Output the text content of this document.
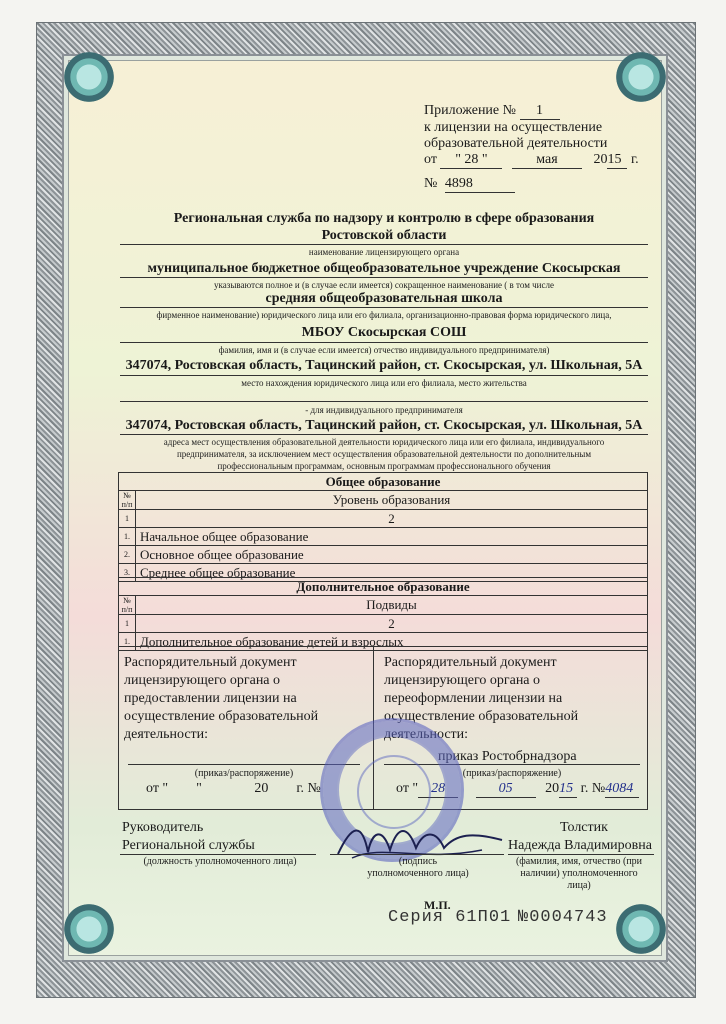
Приложение № 1
к лицензии на осуществление
образовательной деятельности
от " 28 "	мая	2015 г.
№ 4898
Региональная служба по надзору и контролю в сфере образования
Ростовской области
наименование лицензирующего органа
муниципальное бюджетное общеобразовательное учреждение Скосырская
указываются полное и (в случае если имеется) сокращенное наименование ( в том числе
средняя общеобразовательная школа
фирменное наименование) юридического лица или его филиала, организационно-правовая форма юридического лица,
МБОУ Скосырская СОШ
фамилия, имя и (в случае если имеется) отчество индивидуального предпринимателя)
347074, Ростовская область, Тацинский район, ст. Скосырская, ул. Школьная, 5А
место нахождения юридического лица или его филиала, место жительства
- для индивидуального предпринимателя
347074, Ростовская область, Тацинский район, ст. Скосырская, ул. Школьная, 5А
адреса мест осуществления образовательной деятельности юридического лица или его филиала, индивидуального
предпринимателя, за исключением мест осуществления образовательной деятельности по дополнительным
профессиональным программам, основным программам профессионального обучения
Общее образование	
№ п/п	Уровень образования
1	2
1.	Начальное общее образование
2.	Основное общее образование
3.	Среднее общее образование
Дополнительное образование	
№ п/п	Подвиды
1	2
1.	Дополнительное образование детей и взрослых
Распорядительный документ
лицензирующего органа о
предоставлении лицензии на
осуществление образовательной
деятельности:
(приказ/распоряжение)
от "        "               20        г. №
Распорядительный документ
лицензирующего органа о
переоформлении лицензии на
осуществление образовательной
деятельности:
приказ Ростобрнадзора
(приказ/распоряжение)
от " 28	05 2015 г. №4084
Руководитель
Региональной службы
(должность уполномоченного лица)	(подпись
уполномоченного лица)
Толстик
Надежда Владимировна
(фамилия, имя, отчество (при
наличии) уполномоченного
лица)
М.П.
Серия 61П01 №0004743
